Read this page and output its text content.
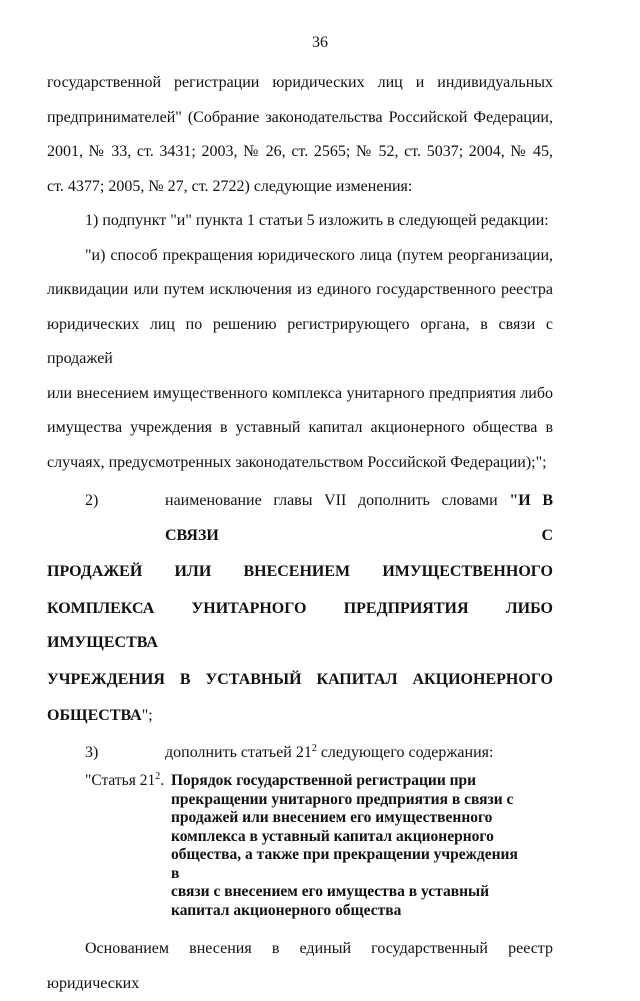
36

государственной регистрации юридических лиц и индивидуальных

предпринимателей" (Собрание законодательства Российской Федерации,

2001, № 33, ст. 3431; 2003, № 26, ст. 2565; № 52, ст. 5037; 2004, № 45,

ст. 4377; 2005, № 27, ст. 2722) следующие изменения:

1) подпункт "и" пункта 1 статьи 5 изложить в следующей редакции:

"и) способ прекращения юридического лица (путем реорганизации,

ликвидации или путем исключения из единого государственного реестра

юридических лиц по решению регистрирующего органа, в связи с продажей

или внесением имущественного комплекса унитарного предприятия либо

имущества учреждения в уставный капитал акционерного общества в

случаях, предусмотренных законодательством Российской Федерации);";

2)	наименование главы VII дополнить словами "И В СВЯЗИ С

ПРОДАЖЕЙ ИЛИ ВНЕСЕНИЕМ ИМУЩЕСТВЕННОГО

КОМПЛЕКСА УНИТАРНОГО ПРЕДПРИЯТИЯ ЛИБО ИМУЩЕСТВА

УЧРЕЖДЕНИЯ В УСТАВНЫЙ КАПИТАЛ АКЦИОНЕРНОГО

ОБЩЕСТВА";

3)	дополнить статьей $21^2$ следующего содержания:
"Статья $21^2$. Порядок государственной регистрации при
прекращении унитарного предприятия в связи с
продажей или внесением его имущественного
комплекса в уставный капитал акционерного
общества, а также при прекращении учреждения в
связи с внесением его имущества в уставный
капитал акционерного общества

Основанием внесения в единый государственный реестр юридических
